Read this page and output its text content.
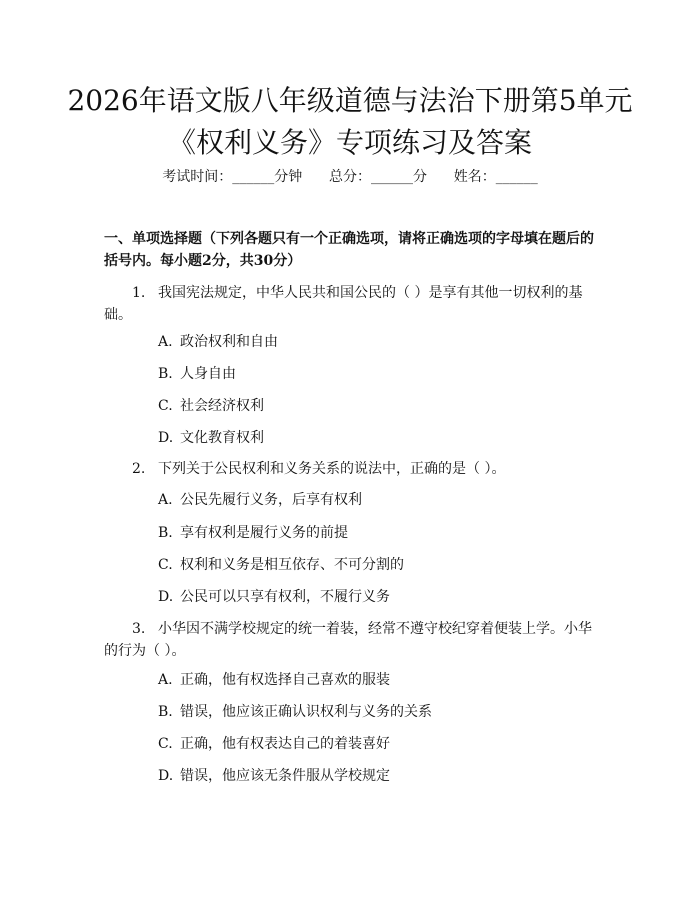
2026年语文版八年级道德与法治下册第5单元《权利义务》专项练习及答案
考试时间：______分钟      总分：______分      姓名：______
一、单项选择题（下列各题只有一个正确选项，请将正确选项的字母填在题后的括号内。每小题2分，共30分）
1. 我国宪法规定，中华人民共和国公民的（ ）是享有其他一切权利的基础。
A. 政治权利和自由
B. 人身自由
C. 社会经济权利
D. 文化教育权利
2. 下列关于公民权利和义务关系的说法中，正确的是（ ）。
A. 公民先履行义务，后享有权利
B. 享有权利是履行义务的前提
C. 权利和义务是相互依存、不可分割的
D. 公民可以只享有权利，不履行义务
3. 小华因不满学校规定的统一着装，经常不遵守校纪穿着便装上学。小华的行为（ ）。
A. 正确，他有权选择自己喜欢的服装
B. 错误，他应该正确认识权利与义务的关系
C. 正确，他有权表达自己的着装喜好
D. 错误，他应该无条件服从学校规定
